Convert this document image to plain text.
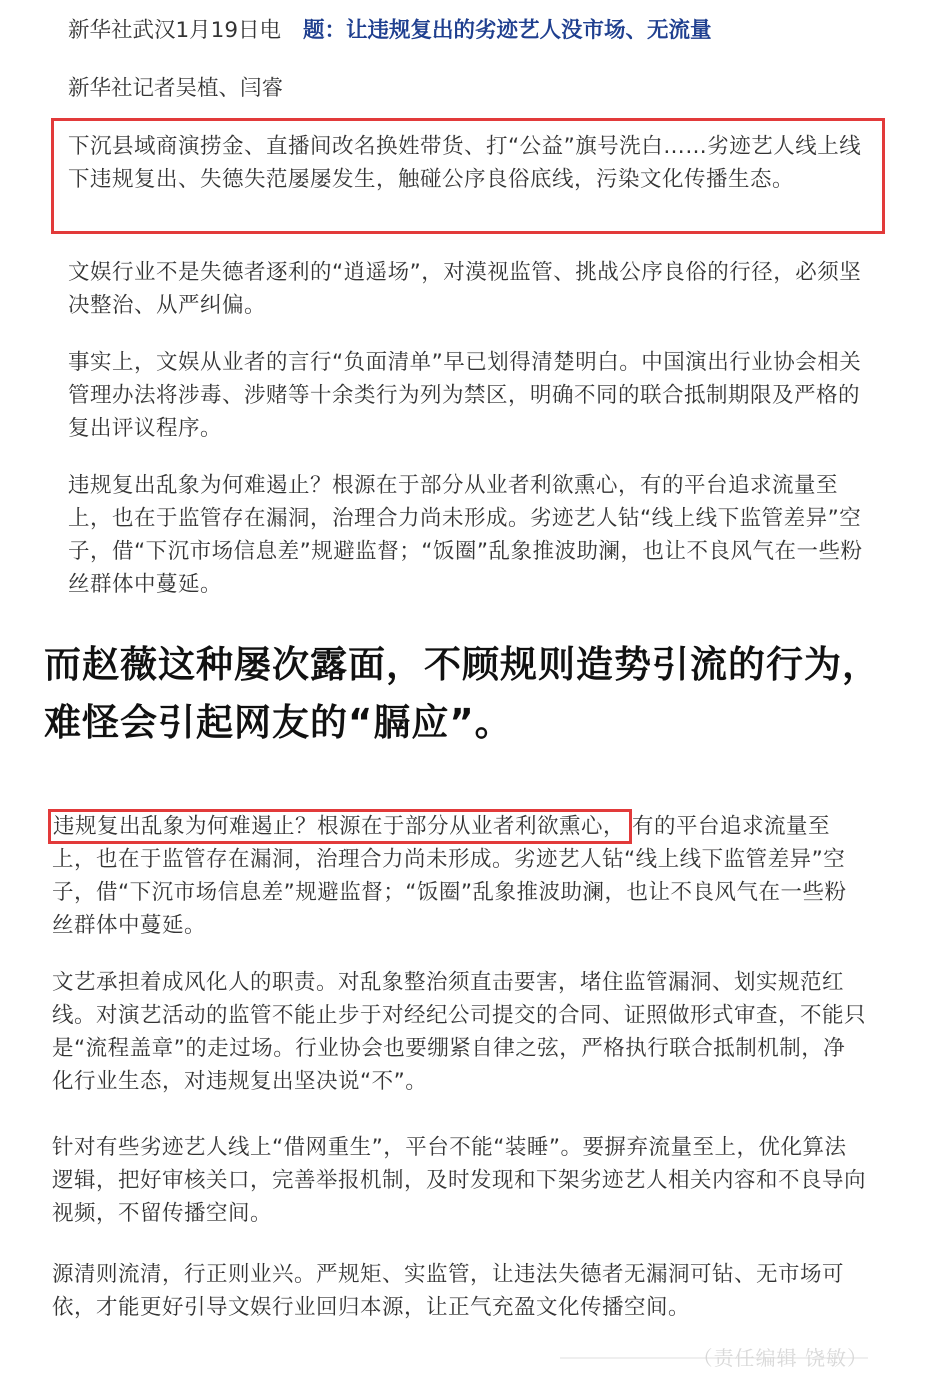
新华社武汉1月19日电 题：让违规复出的劣迹艺人没市场、无流量
新华社记者吴植、闫睿

下沉县域商演捞金、直播间改名换姓带货、打“公益”旗号洗白……劣迹艺人线上线下违规复出、失德失范屡屡发生，触碰公序良俗底线，污染文化传播生态。

文娱行业不是失德者逐利的“逍遥场”，对漠视监管、挑战公序良俗的行径，必须坚决整治、从严纠偏。

事实上，文娱从业者的言行“负面清单”早已划得清楚明白。中国演出行业协会相关管理办法将涉毒、涉赌等十余类行为列为禁区，明确不同的联合抵制期限及严格的复出评议程序。

违规复出乱象为何难遏止？根源在于部分从业者利欲熏心，有的平台追求流量至上，也在于监管存在漏洞，治理合力尚未形成。劣迹艺人钻“线上线下监管差异”空子，借“下沉市场信息差”规避监督；“饭圈”乱象推波助澜，也让不良风气在一些粉丝群体中蔓延。

而赵薇这种屡次露面，不顾规则造势引流的行为，难怪会引起网友的“膈应”。

违规复出乱象为何难遏止？根源在于部分从业者利欲熏心， 有的平台追求流量至上，也在于监管存在漏洞，治理合力尚未形成。劣迹艺人钻“线上线下监管差异”空子，借“下沉市场信息差”规避监督；“饭圈”乱象推波助澜，也让不良风气在一些粉丝群体中蔓延。

文艺承担着成风化人的职责。对乱象整治须直击要害，堵住监管漏洞、划实规范红线。对演艺活动的监管不能止步于对经纪公司提交的合同、证照做形式审查，不能只是“流程盖章”的走过场。行业协会也要绷紧自律之弦，严格执行联合抵制机制，净化行业生态，对违规复出坚决说“不”。

针对有些劣迹艺人线上“借网重生”，平台不能“装睡”。要摒弃流量至上，优化算法逻辑，把好审核关口，完善举报机制，及时发现和下架劣迹艺人相关内容和不良导向视频，不留传播空间。

源清则流清，行正则业兴。严规矩、实监管，让违法失德者无漏洞可钻、无市场可依，才能更好引导文娱行业回归本源，让正气充盈文化传播空间。

（责任编辑 饶敏）
